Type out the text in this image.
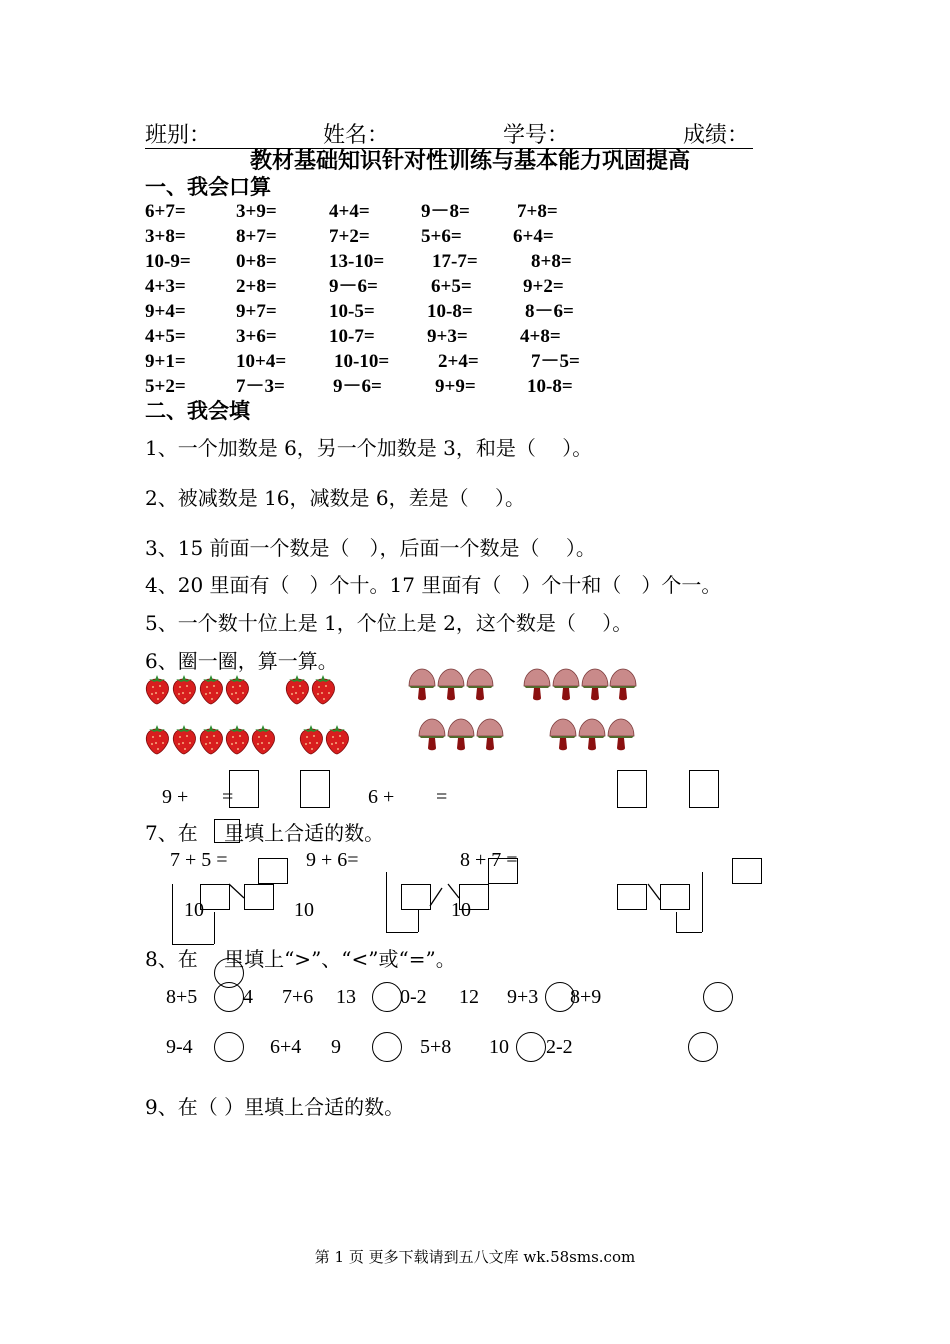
班别：	姓名：	学号：	成绩：
教材基础知识针对性训练与基本能力巩固提高
一、我会口算
6+7=	3+9=	4+4=	9－8= 7+8=
3+8=	8+7=	7+2=	5+6=	6+4=
10-9= 0+8=	13-10=	17-7=	8+8=
4+3=	2+8=	9－6=	6+5=	9+2=
9+4=	9+7=	10-5=	10-8=	8－6=
4+5=	3+6=	10-7=	9+3=	4+8=
9+1=	10+4=	10-10=	2+4=	7－5=
5+2=	7－3=	9－6=	9+9=	10-8=
二、我会填
1、一个加数是 6，另一个加数是 3，和是（　 ）。
2、被减数是 16，减数是 6，差是（　 ）。
3、15 前面一个数是（　），后面一个数是（　 ）。
4、20 里面有（　）个十。17 里面有（　）个十和（　）个一。
5、一个数十位上是 1，个位上是 2，这个数是（　 ）。
6、圈一圈，算一算。
9 + =	6 + =
7、在　 里填上合适的数。
7 + 5 =	9 + 6=	8 + 7 =
10	10	10
8、在　 里填上“>”、“<”或“=”。
8+5 4 7+6 13 0-2 12 9+3 8+9
9-4	6+4 9	5+8 10 2-2
9、在（ ）里填上合适的数。
第 1 页 更多下载请到五八文库 wk.58sms.com
